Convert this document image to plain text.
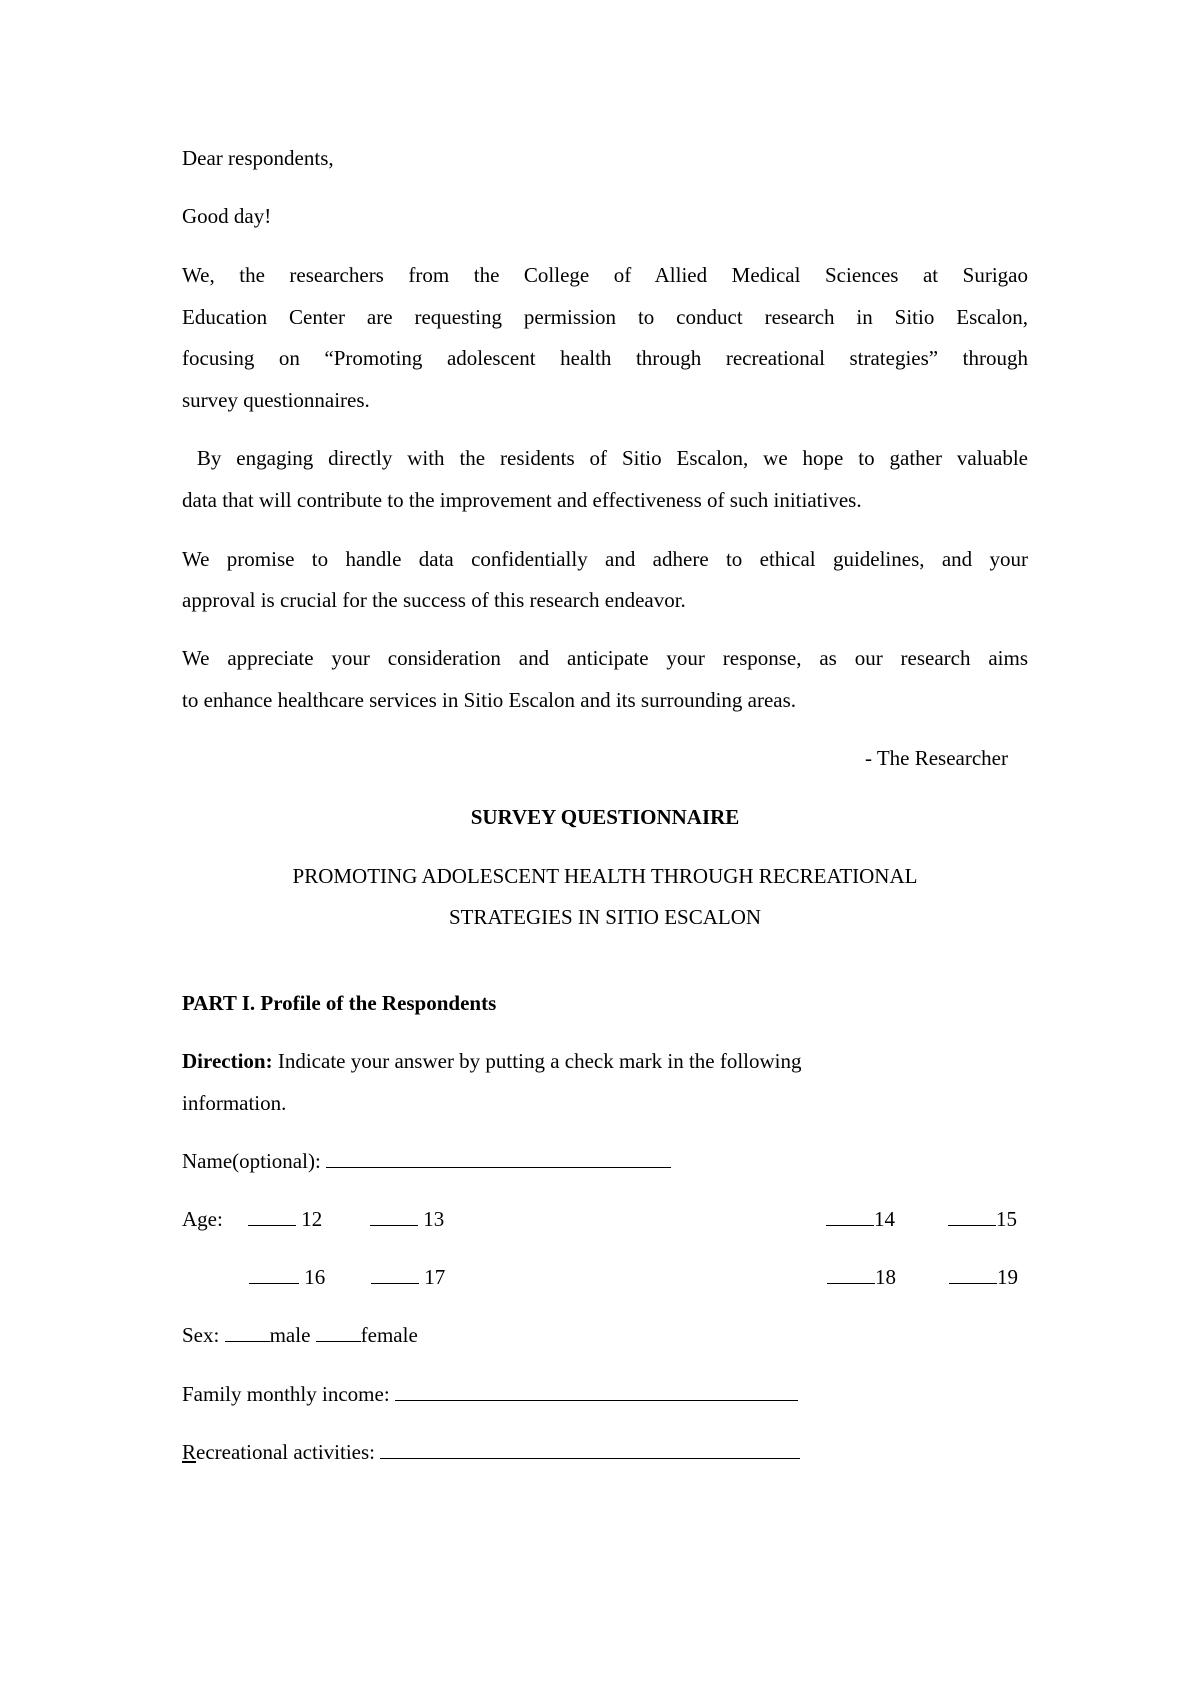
Dear respondents,

Good day!

We, the researchers from the College of Allied Medical Sciences at Surigao

Education Center are requesting permission to conduct research in Sitio Escalon,

focusing on “Promoting adolescent health through recreational strategies” through

survey questionnaires.

By engaging directly with the residents of Sitio Escalon, we hope to gather valuable

data that will contribute to the improvement and effectiveness of such initiatives.

We promise to handle data confidentially and adhere to ethical guidelines, and your

approval is crucial for the success of this research endeavor.

We appreciate your consideration and anticipate your response, as our research aims

to enhance healthcare services in Sitio Escalon and its surrounding areas.

- The Researcher

SURVEY QUESTIONNAIRE

PROMOTING ADOLESCENT HEALTH THROUGH RECREATIONAL

STRATEGIES IN SITIO ESCALON

PART I. Profile of the Respondents

Direction: Indicate your answer by putting a check mark in the following

information.

Name(optional):

Age:	12	13	14	15
16	17	18	19

Sex: male female

Family monthly income:

Recreational activities:
